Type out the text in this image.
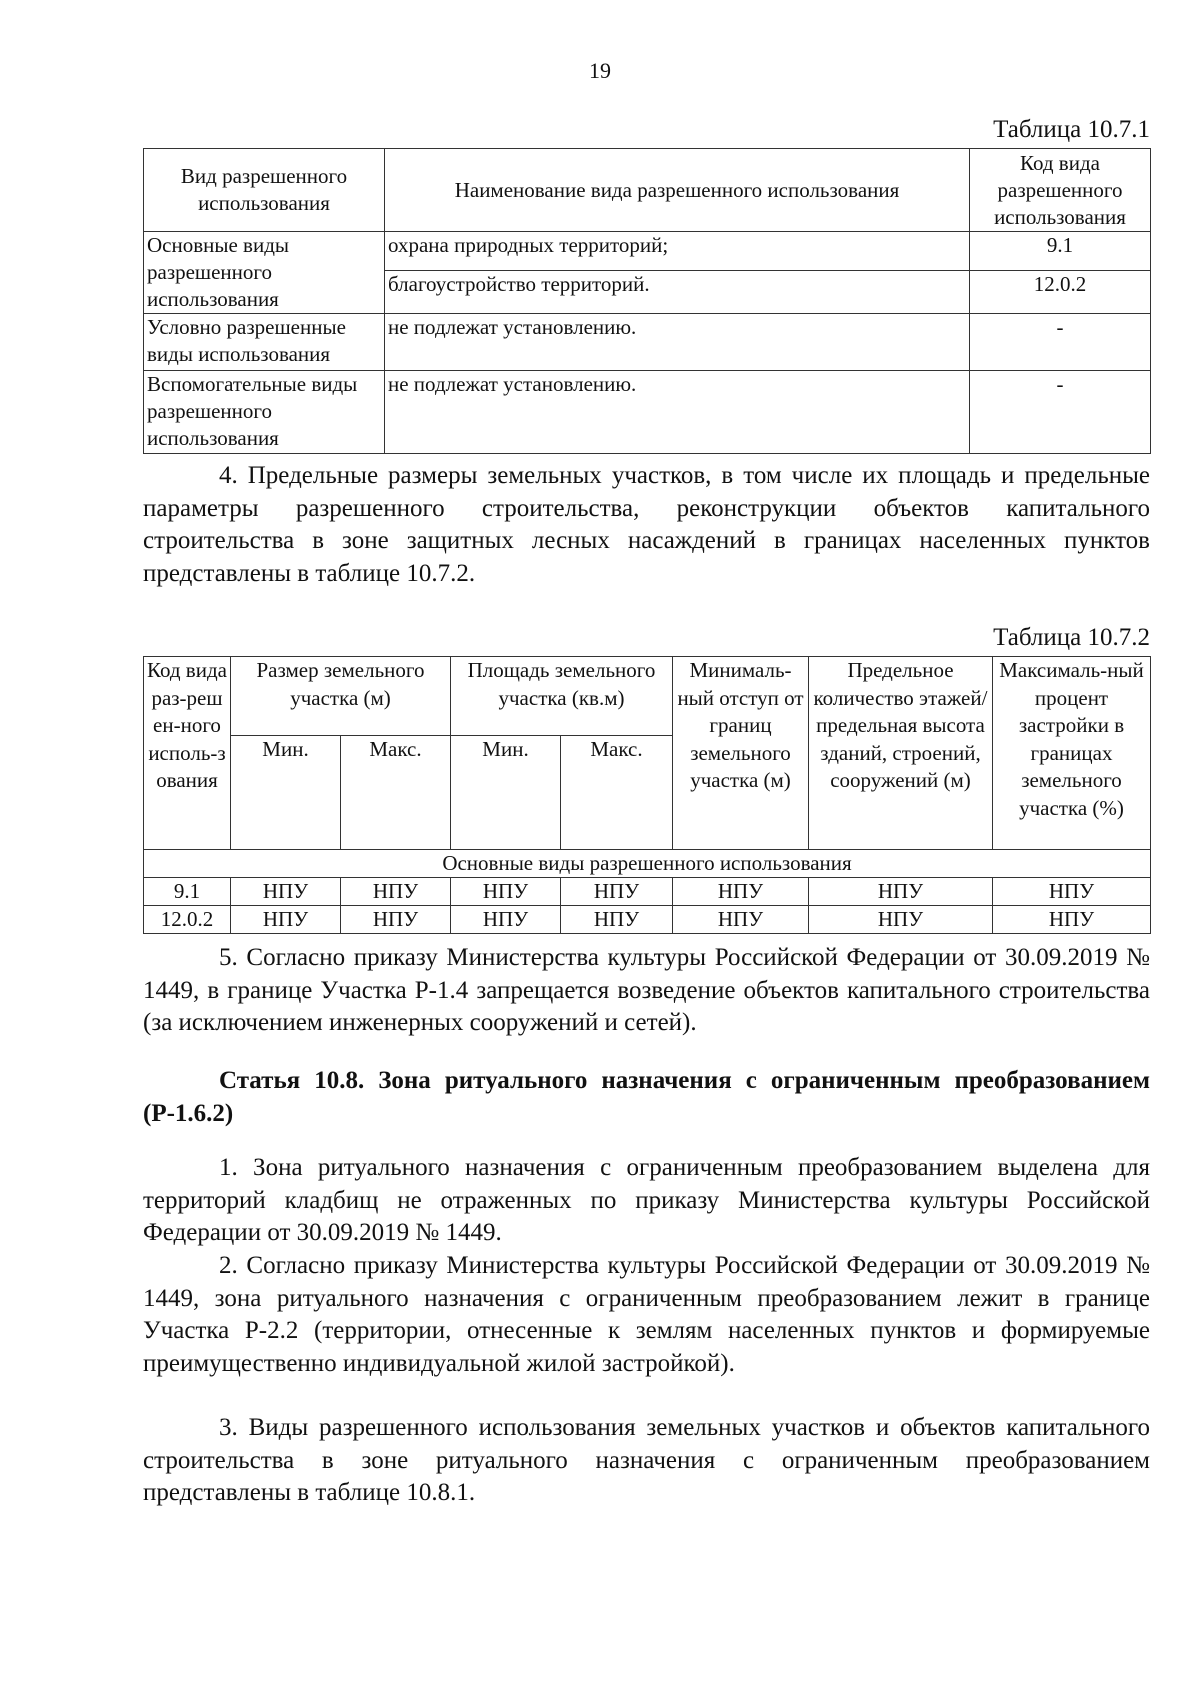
19
Таблица 10.7.1
Вид разрешенного использования	Наименование вида разрешенного использования	Код вида разрешенного использования
Основные виды разрешенного использования	охрана природных территорий;	9.1
	благоустройство территорий.	12.0.2
Условно разрешенные виды использования	не подлежат установлению.	-
Вспомогательные виды разрешенного использования	не подлежат установлению.	-

4. Предельные размеры земельных участков, в том числе их площадь и предельные параметры разрешенного строительства, реконструкции объектов капитального строительства в зоне защитных лесных насаждений в границах населенных пунктов представлены в таблице 10.7.2.

Таблица 10.7.2
Код вида раз-решен-ного исполь-зования	Размер земельного участка (м)		Площадь земельного участка (кв.м)		Минималь-ный отступ от границ земельного участка (м)	Предельное количество этажей/ предельная высота зданий, строений, сооружений (м)	Максималь-ный процент застройки в границах земельного участка (%)
	Мин.	Макс.	Мин.	Макс.			
Основные виды разрешенного использования							
9.1	НПУ	НПУ	НПУ	НПУ	НПУ	НПУ	НПУ
12.0.2	НПУ	НПУ	НПУ	НПУ	НПУ	НПУ	НПУ

5. Согласно приказу Министерства культуры Российской Федерации от 30.09.2019 № 1449, в границе Участка Р-1.4 запрещается возведение объектов капитального строительства (за исключением инженерных сооружений и сетей).

Статья 10.8. Зона ритуального назначения с ограниченным преобразованием (Р-1.6.2)

1. Зона ритуального назначения с ограниченным преобразованием выделена для территорий кладбищ не отраженных по приказу Министерства культуры Российской Федерации от 30.09.2019 № 1449.

2. Согласно приказу Министерства культуры Российской Федерации от 30.09.2019 № 1449, зона ритуального назначения с ограниченным преобразованием лежит в границе Участка Р-2.2 (территории, отнесенные к землям населенных пунктов и формируемые преимущественно индивидуальной жилой застройкой).

3. Виды разрешенного использования земельных участков и объектов капитального строительства в зоне ритуального назначения с ограниченным преобразованием представлены в таблице 10.8.1.
